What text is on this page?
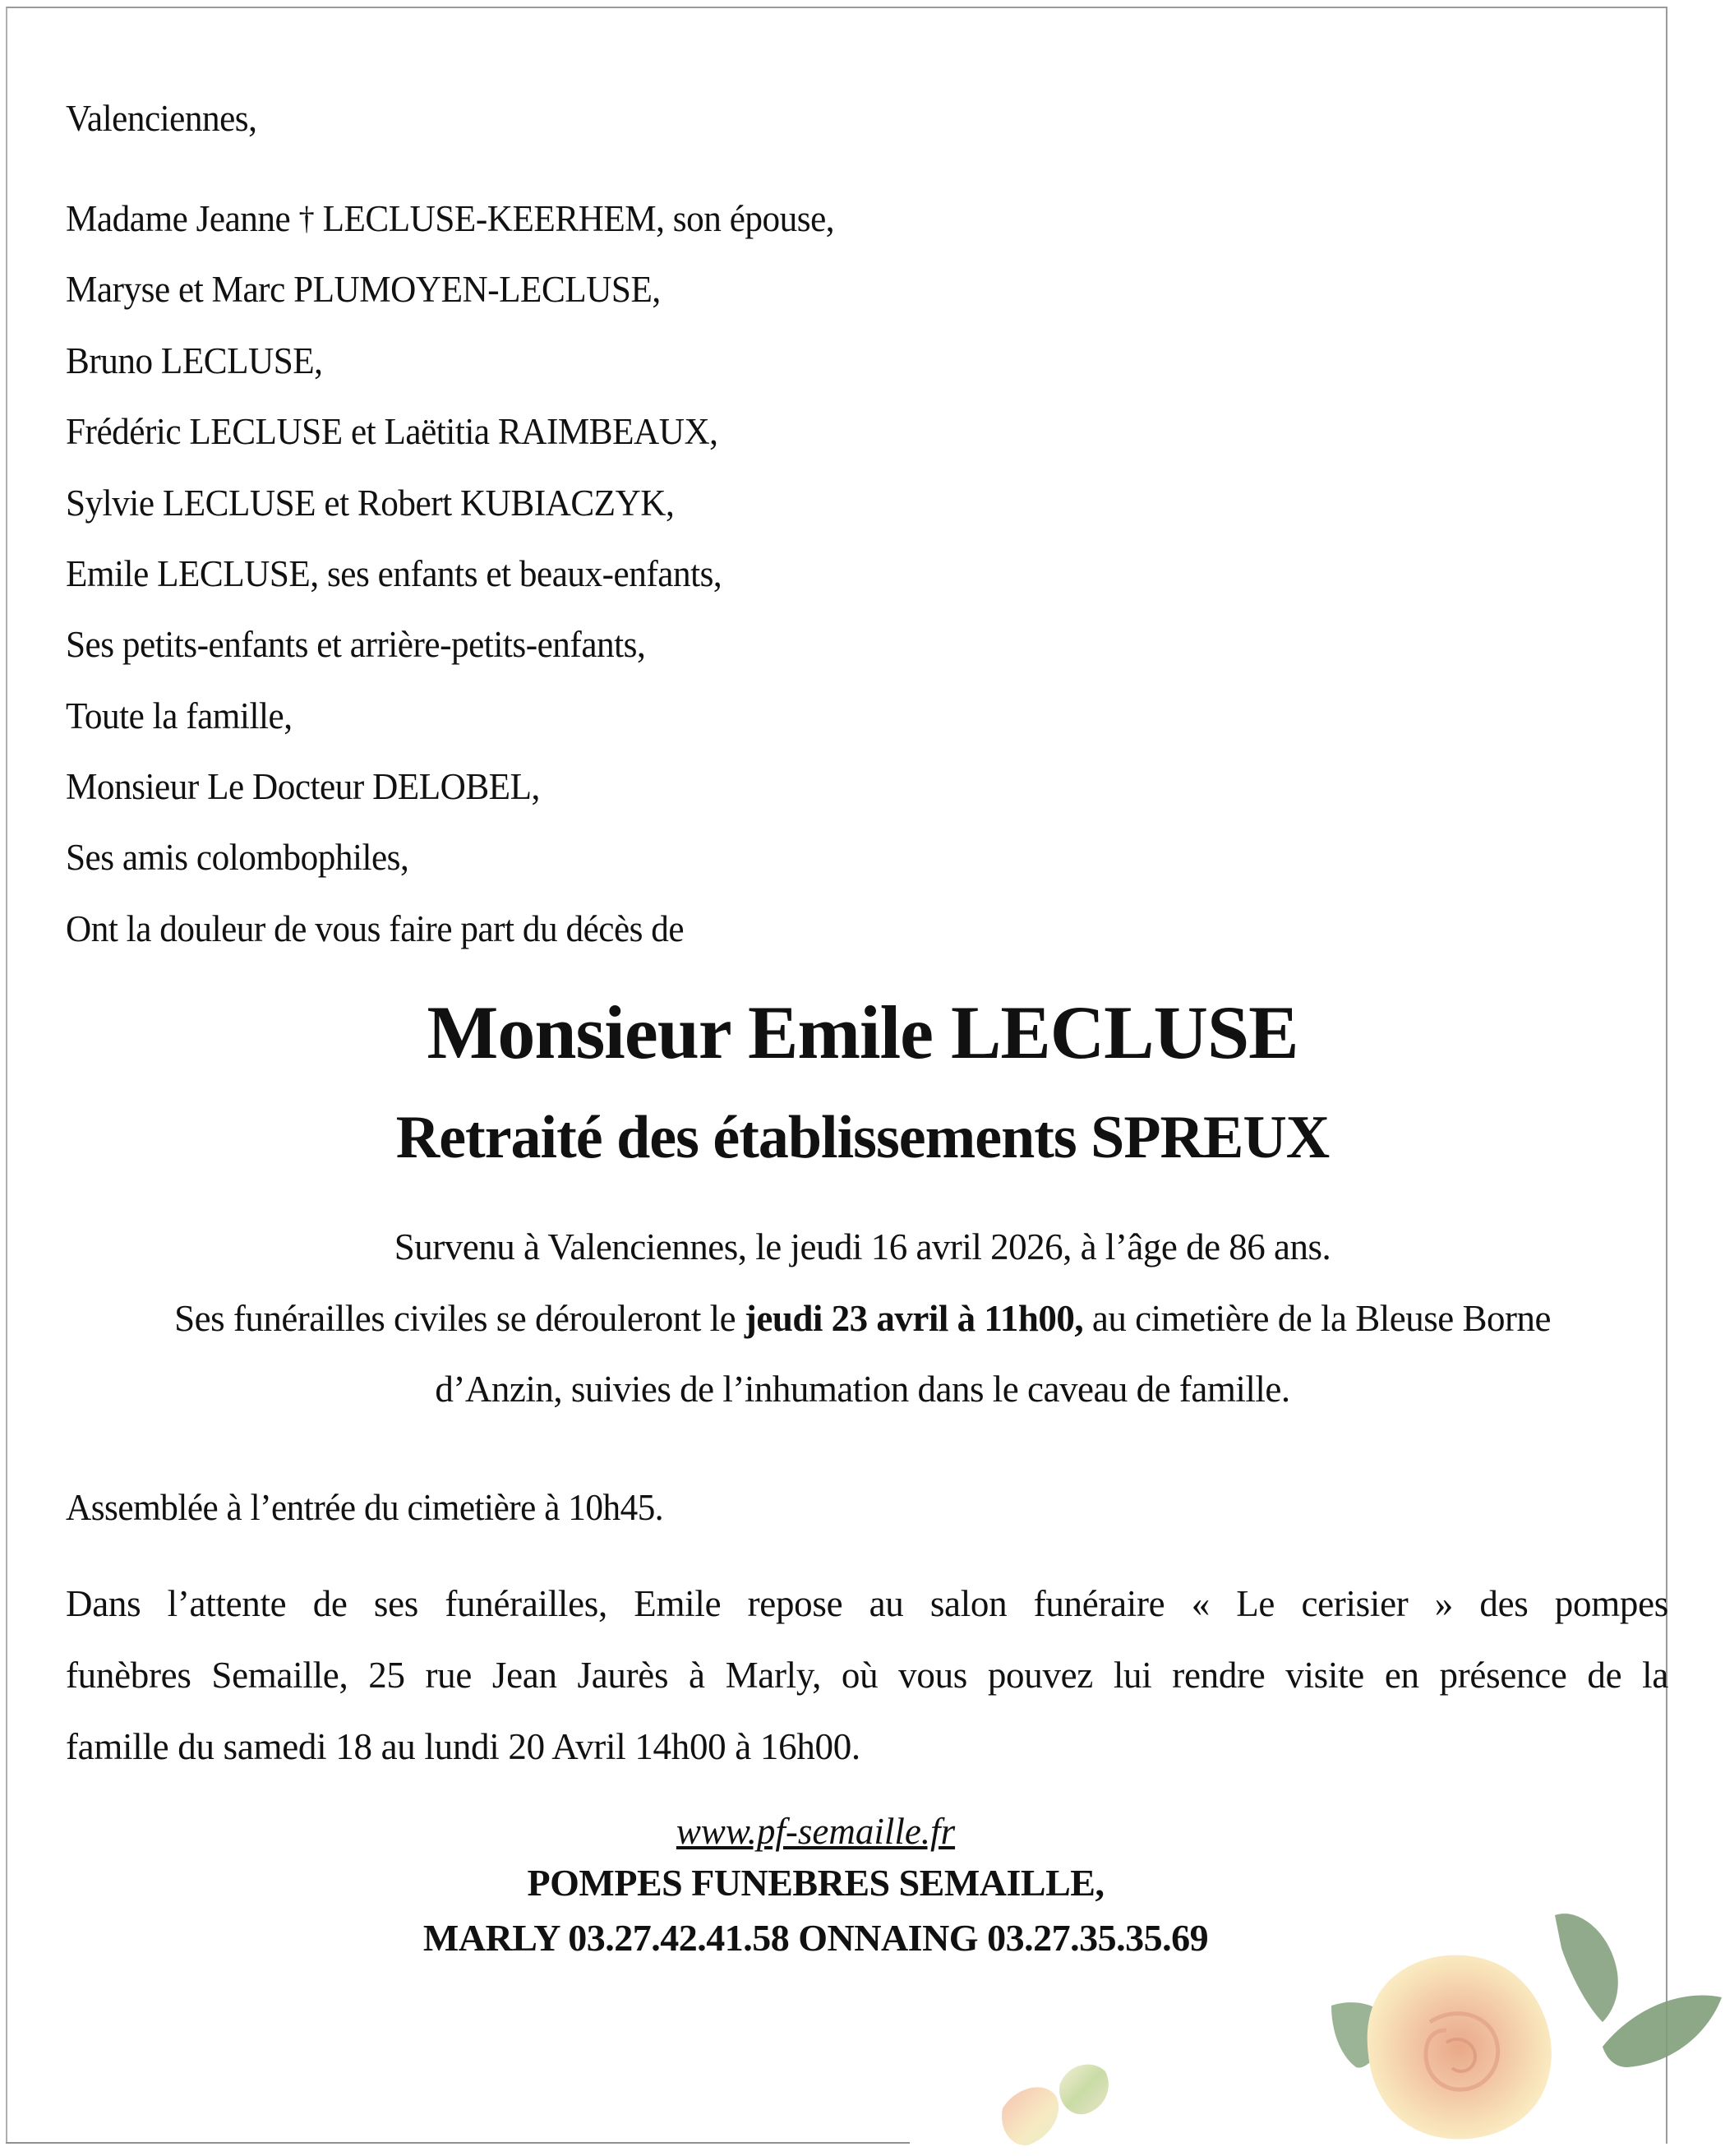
Valenciennes,
Madame Jeanne † LECLUSE-KEERHEM, son épouse,
Maryse et Marc PLUMOYEN-LECLUSE,
Bruno LECLUSE,
Frédéric LECLUSE et Laëtitia RAIMBEAUX,
Sylvie LECLUSE et Robert KUBIACZYK,
Emile LECLUSE, ses enfants et beaux-enfants,
Ses petits-enfants et arrière-petits-enfants,
Toute la famille,
Monsieur Le Docteur DELOBEL,
Ses amis colombophiles,
Ont la douleur de vous faire part du décès de
Monsieur Emile LECLUSE
Retraité des établissements SPREUX
Survenu à Valenciennes, le jeudi 16 avril 2026, à l’âge de 86 ans.
Ses funérailles civiles se dérouleront le jeudi 23 avril à 11h00, au cimetière de la Bleuse Borne
d’Anzin, suivies de l’inhumation dans le caveau de famille.
Assemblée à l’entrée du cimetière à 10h45.
Dans l’attente de ses funérailles, Emile repose au salon funéraire « Le cerisier » des pompes
funèbres Semaille, 25 rue Jean Jaurès à Marly, où vous pouvez lui rendre visite en présence de la
famille du samedi 18 au lundi 20 Avril 14h00 à 16h00.
www.pf-semaille.fr
POMPES FUNEBRES SEMAILLE,
MARLY 03.27.42.41.58 ONNAING 03.27.35.35.69
